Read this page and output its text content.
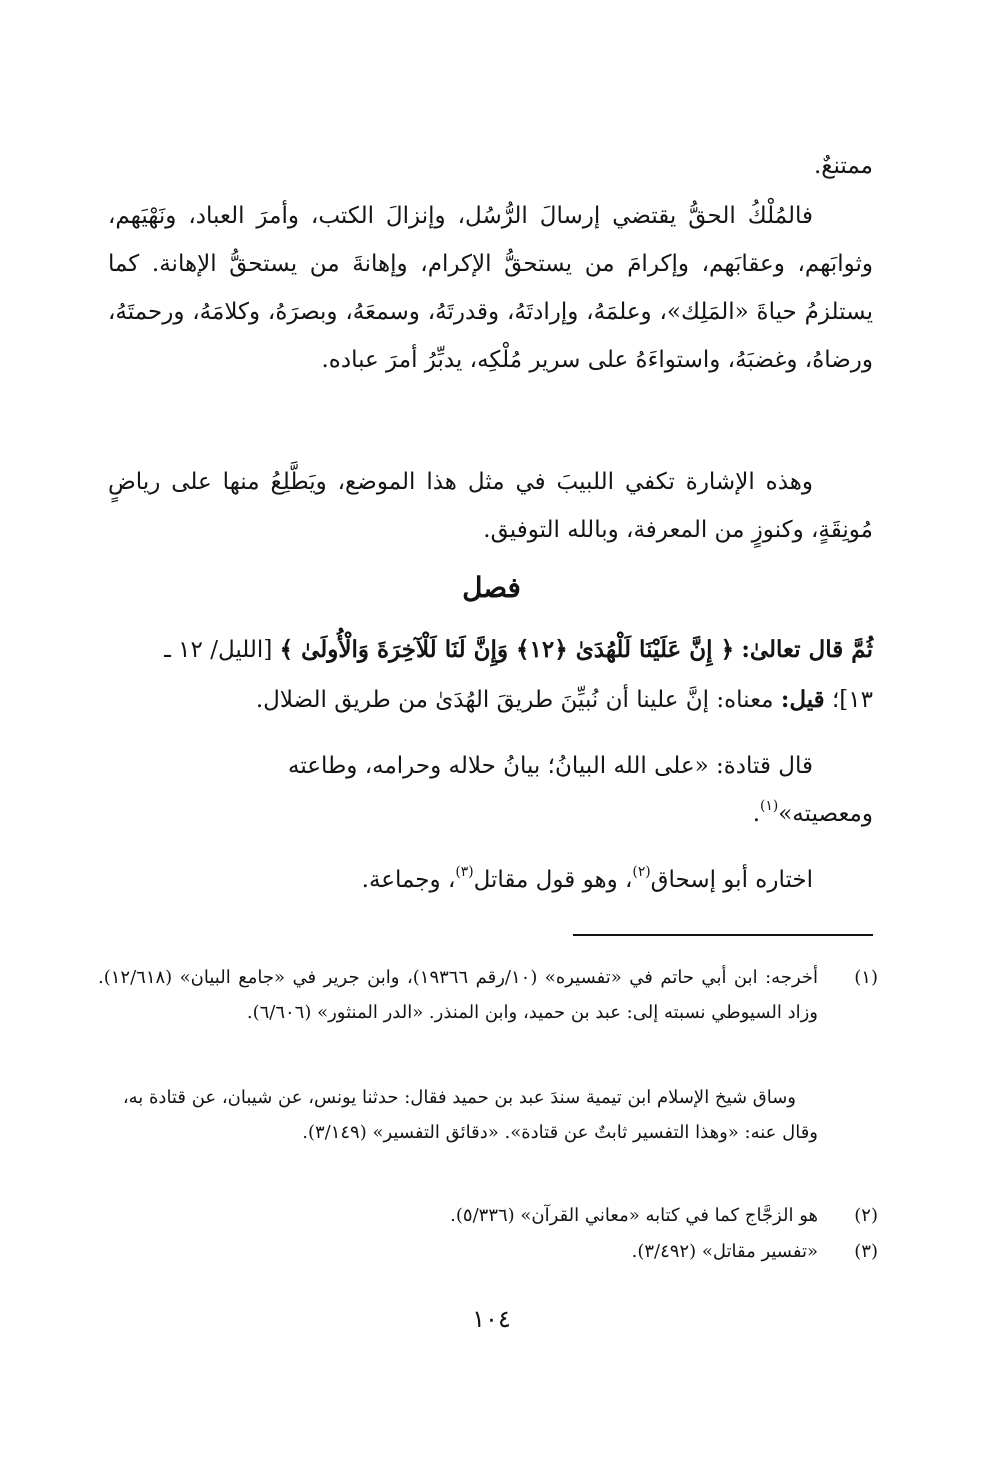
ممتنعٌ.
فالمُلْكُ الحقُّ يقتضي إرسالَ الرُّسُل، وإنزالَ الكتب، وأمرَ العباد، ونَهْيَهم، وثوابَهم، وعقابَهم، وإكرامَ من يستحقُّ الإكرام، وإهانةَ من يستحقُّ الإهانة. كما يستلزمُ حياةَ «المَلِك»، وعلمَهُ، وإرادتَهُ، وقدرتَهُ، وسمعَهُ، وبصرَهُ، وكلامَهُ، ورحمتَهُ، ورضاهُ، وغضبَهُ، واستواءَهُ على سرير مُلْكِه، يدبِّرُ أمرَ عباده.
وهذه الإشارة تكفي اللبيبَ في مثل هذا الموضع، ويَطَّلِعُ منها على رياضٍ مُونِقَةٍ، وكنوزٍ من المعرفة، وبالله التوفيق.
فصل
ثُمَّ قال تعالىٰ: ﴿ إِنَّ عَلَيْنَا لَلْهُدَىٰ ﴿١٢﴾ وَإِنَّ لَنَا لَلْآخِرَةَ وَالْأُولَىٰ ﴾ [الليل/ ١٢ ـ
١٣]؛ قيل: معناه: إنَّ علينا أن نُبيِّنَ طريقَ الهُدَىٰ من طريق الضلال.
قال قتادة: «على الله البيانُ؛ بيانُ حلاله وحرامه، وطاعته
ومعصيته»$^{(١)}$.
اختاره أبو إسحاق$^{(٢)}$، وهو قول مقاتل$^{(٣)}$، وجماعة.
(١)
أخرجه: ابن أبي حاتم في «تفسيره» (١٠/رقم ١٩٣٦٦)، وابن جرير في «جامع البيان» (١٢/٦١٨). وزاد السيوطي نسبته إلى: عبد بن حميد، وابن المنذر. «الدر المنثور» (٦/٦٠٦).
وساق شيخ الإسلام ابن تيمية سندَ عبد بن حميد فقال: حدثنا يونس، عن شيبان، عن قتادة به، وقال عنه: «وهذا التفسير ثابتٌ عن قتادة». «دقائق التفسير» (٣/١٤٩).
(٢)
هو الزجَّاج كما في كتابه «معاني القرآن» (٥/٣٣٦).
(٣)
«تفسير مقاتل» (٣/٤٩٢).
١٠٤
